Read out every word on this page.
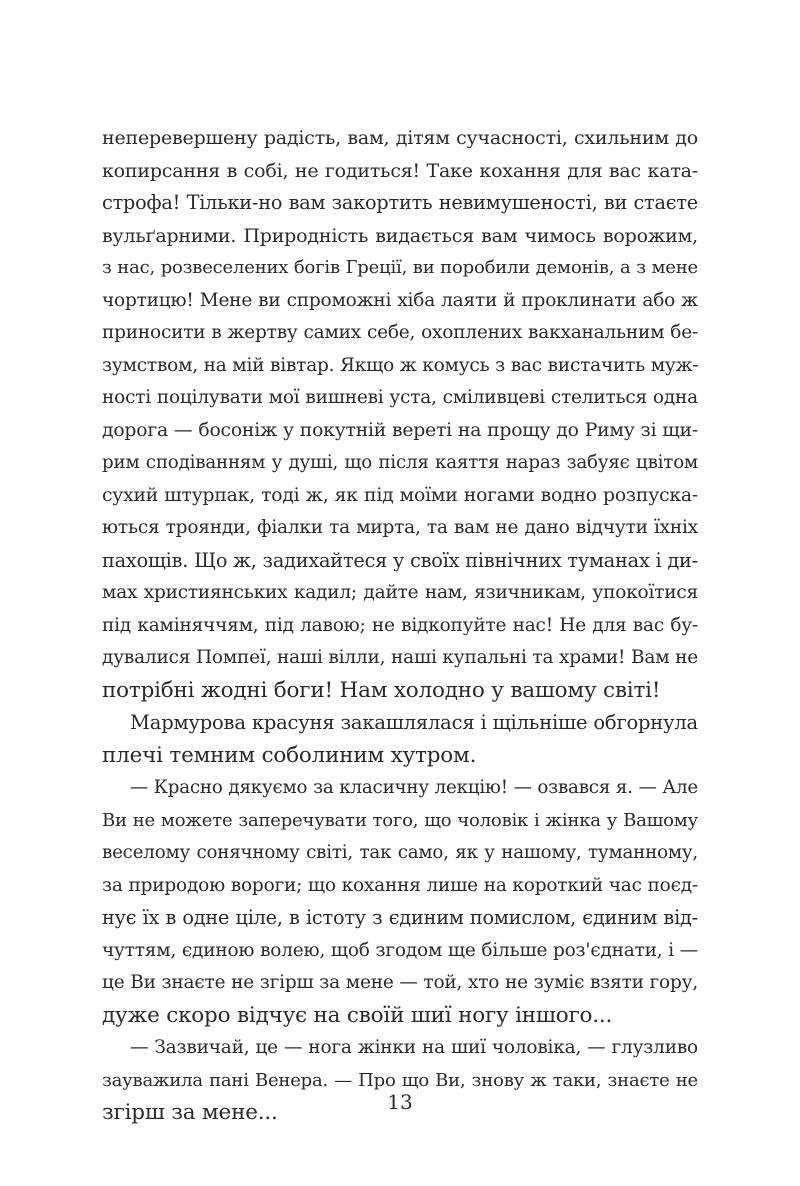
неперевершену радість, вам, дітям сучасності, схильним до
копирсання в собі, не годиться! Таке кохання для вас ката-
строфа! Тільки-но вам закортить невимушеності, ви стаєте
вульґарними. Природність видається вам чимось ворожим,
з нас, розвеселених богів Греції, ви поробили демонів, а з мене
чортицю! Мене ви спроможні хіба лаяти й проклинати або ж
приносити в жертву самих себе, охоплених вакханальним бе-
зумством, на мій вівтар. Якщо ж комусь з вас вистачить муж-
ності поцілувати мої вишневі уста, сміливцеві стелиться одна
дорога — босоніж у покутній вереті на прощу до Риму зі щи-
рим сподіванням у душі, що після каяття нараз забуяє цвітом
сухий штурпак, тоді ж, як під моїми ногами водно розпуска-
ються троянди, фіалки та мирта, та вам не дано відчути їхніх
пахощів. Що ж, задихайтеся у своїх північних туманах і ди-
мах християнських кадил; дайте нам, язичникам, упокоїтися
під каміняччям, під лавою; не відкопуйте нас! Не для вас бу-
дувалися Помпеї, наші вілли, наші купальні та храми! Вам не
потрібні жодні боги! Нам холодно у вашому світі!
Мармурова красуня закашлялася і щільніше обгорнула
плечі темним соболиним хутром.
— Красно дякуємо за класичну лекцію! — озвався я. — Але
Ви не можете заперечувати того, що чоловік і жінка у Вашому
веселому сонячному світі, так само, як у нашому, туманному,
за природою вороги; що кохання лише на короткий час поєд-
нує їх в одне ціле, в істоту з єдиним помислом, єдиним від-
чуттям, єдиною волею, щоб згодом ще більше роз'єднати, і —
це Ви знаєте не згірш за мене — той, хто не зуміє взяти гору,
дуже скоро відчує на своїй шиї ногу іншого...
— Зазвичай, це — нога жінки на шиї чоловіка, — глузливо
зауважила пані Венера. — Про що Ви, знову ж таки, знаєте не
згірш за мене...	13
